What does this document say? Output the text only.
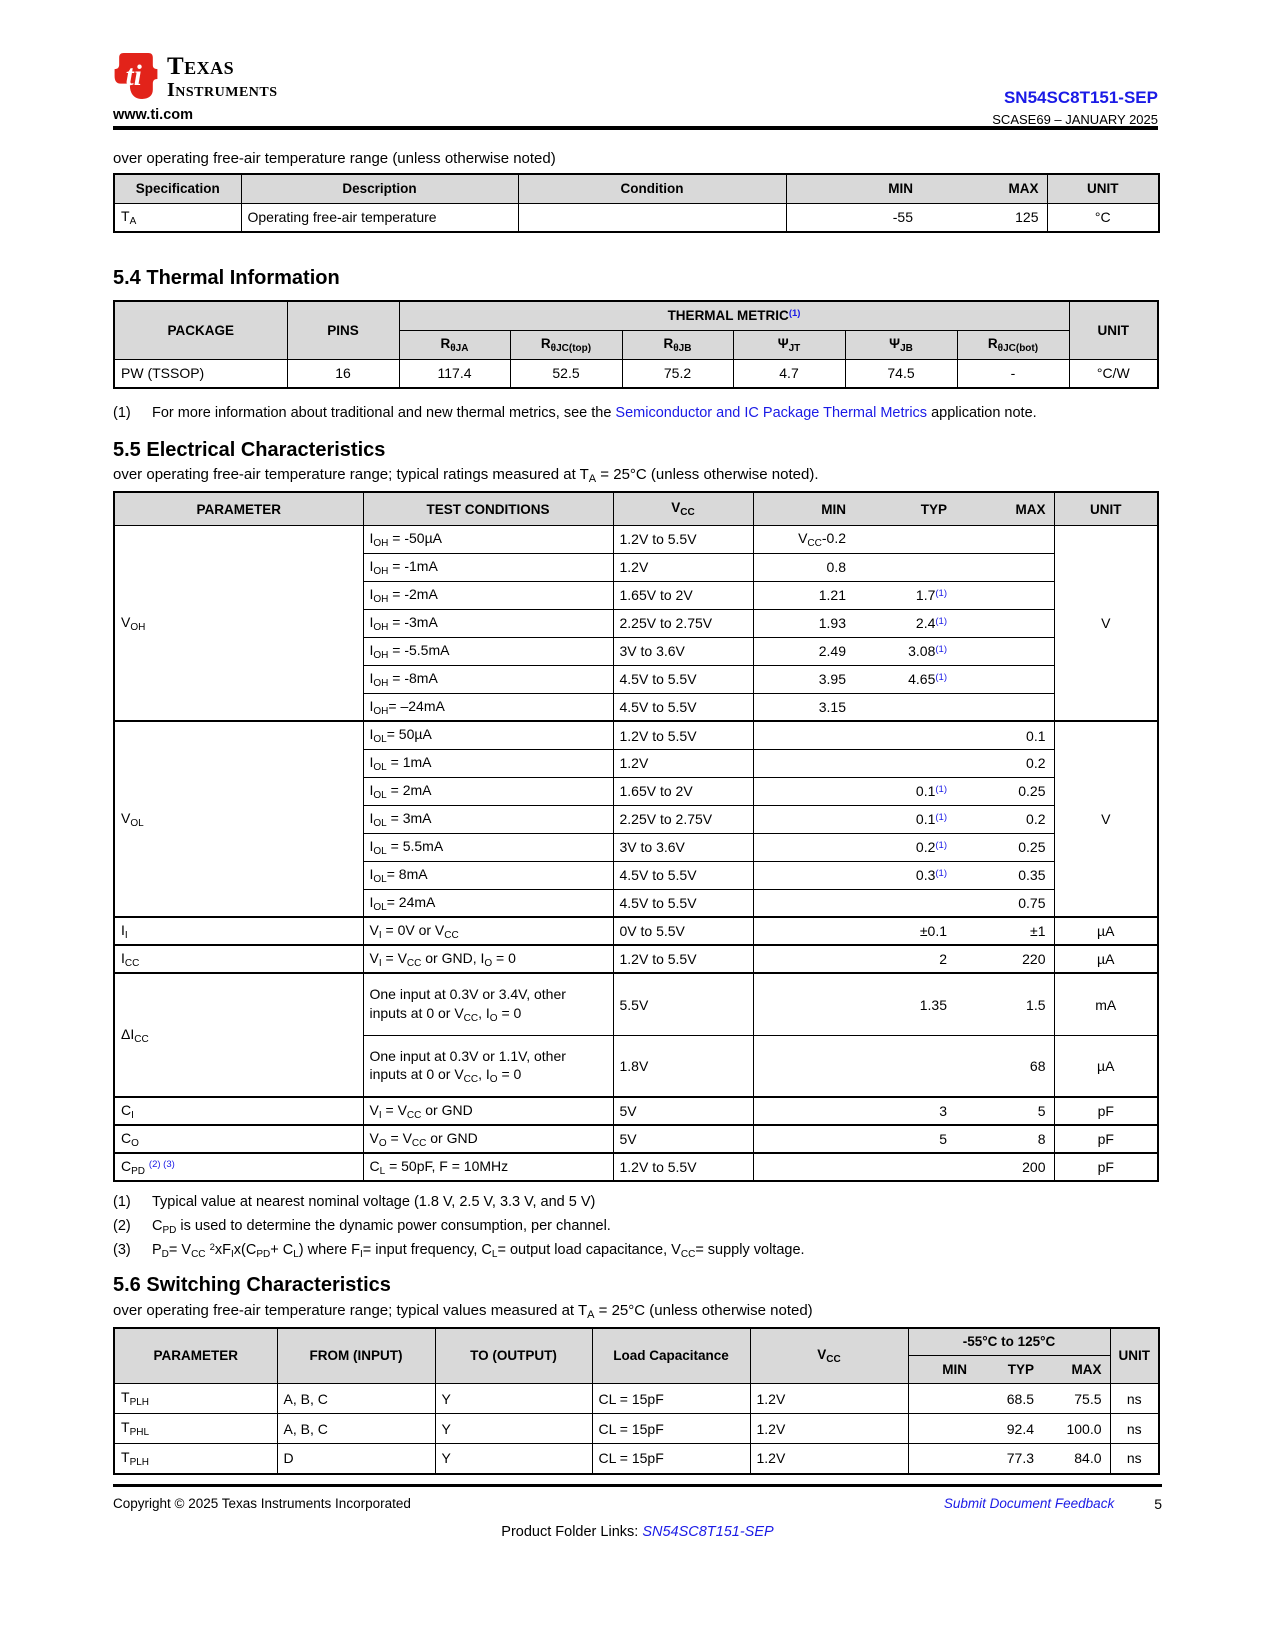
ti Texas
Instruments
www.ti.com
SN54SC8T151-SEP
SCASE69 – JANUARY 2025
over operating free-air temperature range (unless otherwise noted)
Specification	Description	Condition	MIN	MAX	UNIT
$T_A$	Operating free-air temperature		-55	125	°C
5.4 Thermal Information
PACKAGE	PINS	THERMAL METRIC$^{(1)}$						UNIT
		$R_{\theta JA}$	$R_{\theta JC(top)}$	$R_{\theta JB}$	$\Psi_{JT}$	$\Psi_{JB}$	$R_{\theta JC(bot)}$
PW (TSSOP)	16	117.4	52.5	75.2	4.7	74.5	-	°C/W
(1)	For more information about traditional and new thermal metrics, see the Semiconductor and IC Package Thermal Metrics application note.
5.5 Electrical Characteristics
over operating free-air temperature range; typical ratings measured at $T_A = 25^\circ C$ (unless otherwise noted).
PARAMETER	TEST CONDITIONS	$V_{CC}$	MIN	TYP	MAX	UNIT
$V_{OH}$	$I_{OH} = -50\mu A$	1.2V to 5.5V	$V_{CC}-0.2$			V
	$I_{OH} = -1mA$	1.2V	0.8			
	$I_{OH} = -2mA$	1.65V to 2V	1.21	1.7$^{(1)}$	
	$I_{OH} = -3mA$	2.25V to 2.75V	1.93	2.4$^{(1)}$	
	$I_{OH} = -5.5mA$	3V to 3.6V	2.49	3.08$^{(1)}$	
	$I_{OH} = -8mA$	4.5V to 5.5V	3.95	4.65$^{(1)}$	
	$I_{OH}= -24mA$	4.5V to 5.5V	3.15			
$V_{OL}$	$I_{OL}= 50\mu A$	1.2V to 5.5V			0.1	V
	$I_{OL} = 1mA$	1.2V			0.2	
	$I_{OL} = 2mA$	1.65V to 2V		0.1$^{(1)}$	0.25	
	$I_{OL} = 3mA$	2.25V to 2.75V		0.1$^{(1)}$	0.2	
	$I_{OL} = 5.5mA$	3V to 3.6V		0.2$^{(1)}$	0.25	
	$I_{OL}= 8mA$	4.5V to 5.5V		0.3$^{(1)}$	0.35	
	$I_{OL}= 24mA$	4.5V to 5.5V			0.75	
$I_I$	$V_I = 0V$ or $V_{CC}$	0V to 5.5V		±0.1	±1	µA
$I_{CC}$	$V_I = V_{CC}$ or GND, $I_O = 0$	1.2V to 5.5V		2	220	µA
$\Delta I_{CC}$	One input at 0.3V or 3.4V, other inputs at 0 or $V_{CC}$, $I_O = 0$	5.5V		1.35	1.5	mA
	One input at 0.3V or 1.1V, other inputs at 0 or $V_{CC}$, $I_O = 0$	1.8V			68	µA
$C_I$	$V_I = V_{CC}$ or GND	5V		3	5	pF
$C_O$	$V_O = V_{CC}$ or GND	5V		5	8	pF
$C_{PD}$ $^{(2) (3)}$	$C_L = 50pF$, F = 10MHz	1.2V to 5.5V			200	pF
(1)	Typical value at nearest nominal voltage (1.8 V, 2.5 V, 3.3 V, and 5 V)
(2)	$C_{PD}$ is used to determine the dynamic power consumption, per channel.
(3)	$P_D= V_{CC}$ $^2xF_Ix(C_{PD}+ C_L)$ where $F_I=$ input frequency, $C_L=$ output load capacitance, $V_{CC}=$ supply voltage.
5.6 Switching Characteristics
over operating free-air temperature range; typical values measured at $T_A = 25^\circ C$ (unless otherwise noted)
PARAMETER	FROM (INPUT)	TO (OUTPUT)	Load Capacitance	$V_{CC}$	-55°C to 125°C			UNIT
					MIN	TYP	MAX	
$T_{PLH}$	A, B, C	Y	CL = 15pF	1.2V		68.5	75.5	ns
$T_{PHL}$	A, B, C	Y	CL = 15pF	1.2V		92.4	100.0	ns
$T_{PLH}$	D	Y	CL = 15pF	1.2V		77.3	84.0	ns
Copyright © 2025 Texas Instruments Incorporated	Submit Document Feedback	5
Product Folder Links: SN54SC8T151-SEP
